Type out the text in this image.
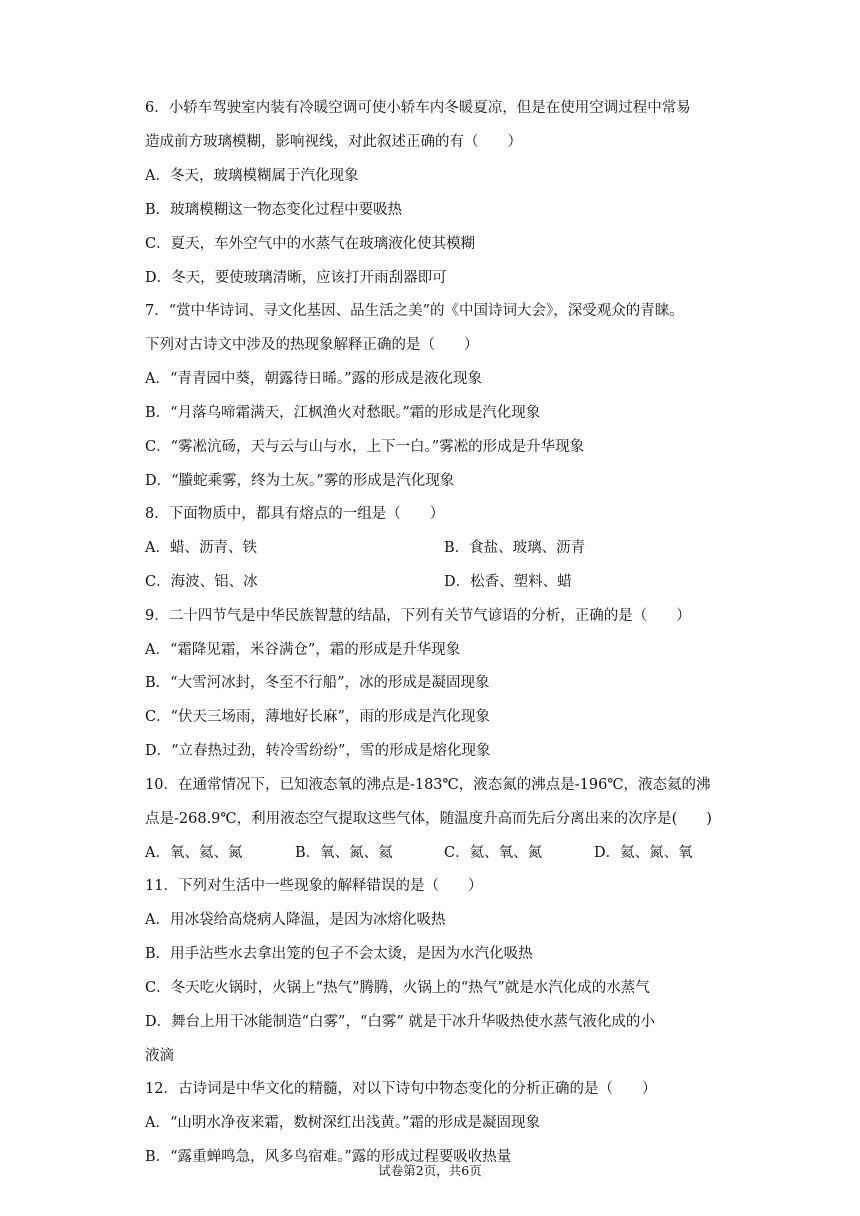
6．小轿车驾驶室内装有冷暖空调可使小轿车内冬暖夏凉，但是在使用空调过程中常易
造成前方玻璃模糊，影响视线，对此叙述正确的有（　　）
A．冬天，玻璃模糊属于汽化现象
B．玻璃模糊这一物态变化过程中要吸热
C．夏天，车外空气中的水蒸气在玻璃液化使其模糊
D．冬天，要使玻璃清晰，应该打开雨刮器即可
7．“赏中华诗词、寻文化基因、品生活之美”的《中国诗词大会》，深受观众的青睐。
下列对古诗文中涉及的热现象解释正确的是（　　）
A．“青青园中葵，朝露待日晞。”露的形成是液化现象
B．“月落乌啼霜满天，江枫渔火对愁眠。”霜的形成是汽化现象
C．“雾凇沆砀，天与云与山与水，上下一白。”雾凇的形成是升华现象
D．“螣蛇乘雾，终为土灰。”雾的形成是汽化现象
8．下面物质中，都具有熔点的一组是（　　）
A．蜡、沥青、铁	B．食盐、玻璃、沥青
C．海波、铝、冰	D．松香、塑料、蜡
9．二十四节气是中华民族智慧的结晶，下列有关节气谚语的分析，正确的是（　　）
A．“霜降见霜，米谷满仓”，霜的形成是升华现象
B．“大雪河冰封，冬至不行船”，冰的形成是凝固现象
C．“伏天三场雨，薄地好长麻”，雨的形成是汽化现象
D．“立春热过劲，转冷雪纷纷”，雪的形成是熔化现象
10．在通常情况下，已知液态氧的沸点是-183℃，液态氮的沸点是-196℃，液态氦的沸
点是-268.9℃，利用液态空气提取这些气体，随温度升高而先后分离出来的次序是(　　)
A．氧、氦、氮	B．氧、氮、氦	C．氦、氧、氮	D．氦、氮、氧
11．下列对生活中一些现象的解释错误的是（　　）
A．用冰袋给高烧病人降温，是因为冰熔化吸热
B．用手沾些水去拿出笼的包子不会太烫，是因为水汽化吸热
C．冬天吃火锅时，火锅上“热气”腾腾，火锅上的“热气”就是水汽化成的水蒸气
D．舞台上用干冰能制造“白雾”，“白雾” 就是干冰升华吸热使水蒸气液化成的小
液滴
12．古诗词是中华文化的精髓，对以下诗句中物态变化的分析正确的是（　　）
A．“山明水净夜来霜，数树深红出浅黄。”霜的形成是凝固现象
B．“露重蝉鸣急，风多鸟宿难。”露的形成过程要吸收热量
试卷第2页，共6页
